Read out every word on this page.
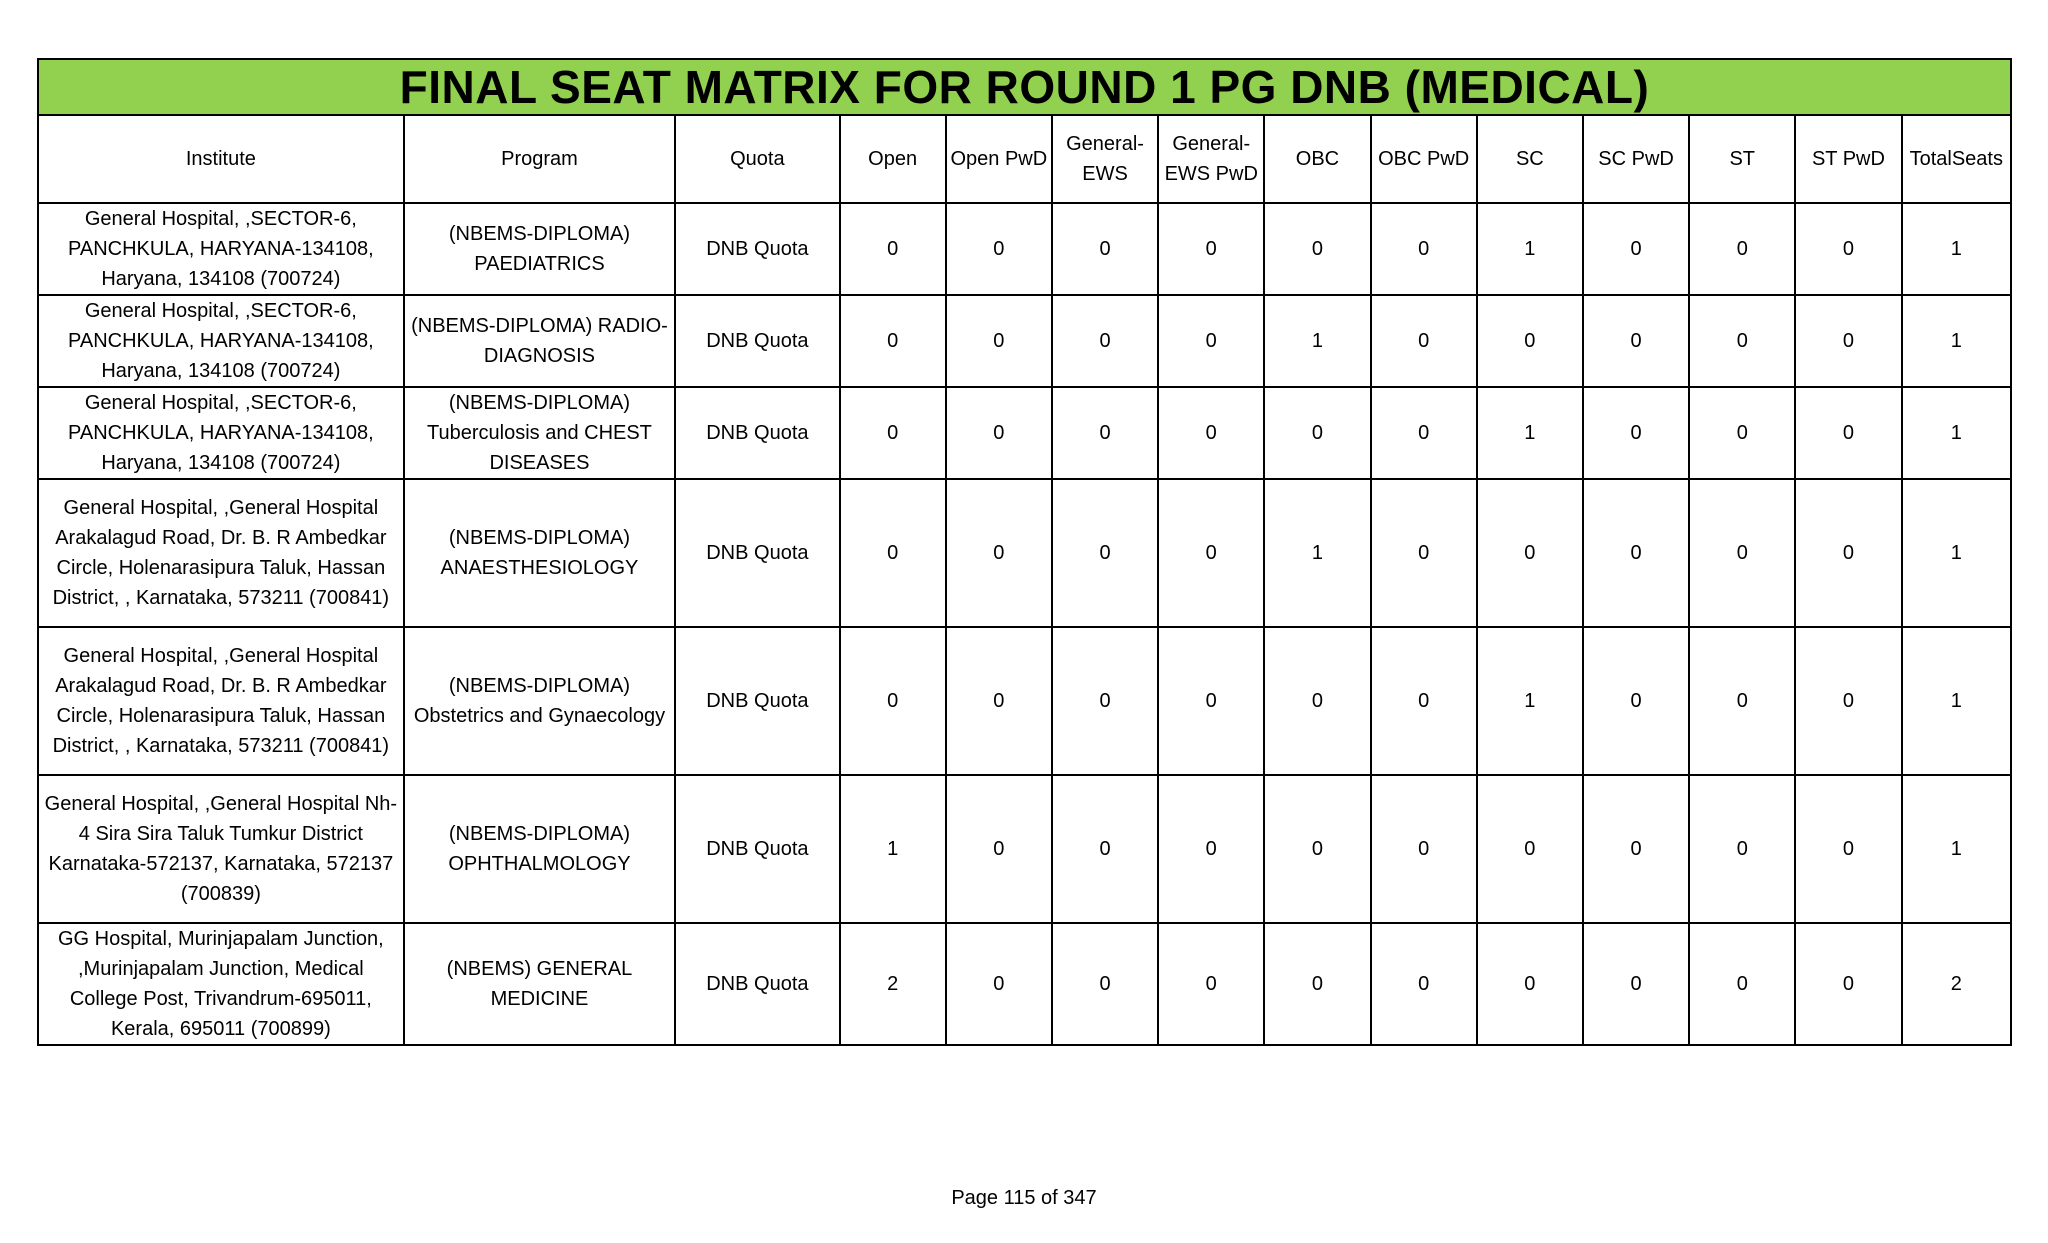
FINAL SEAT MATRIX FOR ROUND 1 PG DNB (MEDICAL)													
Institute	Program	Quota	Open	Open PwD	General-EWS	General-EWS PwD	OBC	OBC PwD	SC	SC PwD	ST	ST PwD	TotalSeats
General Hospital, ,SECTOR-6, PANCHKULA, HARYANA-134108, Haryana, 134108 (700724)	(NBEMS-DIPLOMA) PAEDIATRICS	DNB Quota	0	0	0	0	0	0	1	0	0	0	1
General Hospital, ,SECTOR-6, PANCHKULA, HARYANA-134108, Haryana, 134108 (700724)	(NBEMS-DIPLOMA) RADIO-DIAGNOSIS	DNB Quota	0	0	0	0	1	0	0	0	0	0	1
General Hospital, ,SECTOR-6, PANCHKULA, HARYANA-134108, Haryana, 134108 (700724)	(NBEMS-DIPLOMA) Tuberculosis and CHEST DISEASES	DNB Quota	0	0	0	0	0	0	1	0	0	0	1
General Hospital, ,General Hospital Arakalagud Road, Dr. B. R Ambedkar Circle, Holenarasipura Taluk, Hassan District, , Karnataka, 573211 (700841)	(NBEMS-DIPLOMA) ANAESTHESIOLOGY	DNB Quota	0	0	0	0	1	0	0	0	0	0	1
General Hospital, ,General Hospital Arakalagud Road, Dr. B. R Ambedkar Circle, Holenarasipura Taluk, Hassan District, , Karnataka, 573211 (700841)	(NBEMS-DIPLOMA) Obstetrics and Gynaecology	DNB Quota	0	0	0	0	0	0	1	0	0	0	1
General Hospital, ,General Hospital Nh-4 Sira Sira Taluk Tumkur District Karnataka-572137, Karnataka, 572137 (700839)	(NBEMS-DIPLOMA) OPHTHALMOLOGY	DNB Quota	1	0	0	0	0	0	0	0	0	0	1
GG Hospital, Murinjapalam Junction, ,Murinjapalam Junction, Medical College Post, Trivandrum-695011, Kerala, 695011 (700899)	(NBEMS) GENERAL MEDICINE	DNB Quota	2	0	0	0	0	0	0	0	0	0	2
Page 115 of 347
